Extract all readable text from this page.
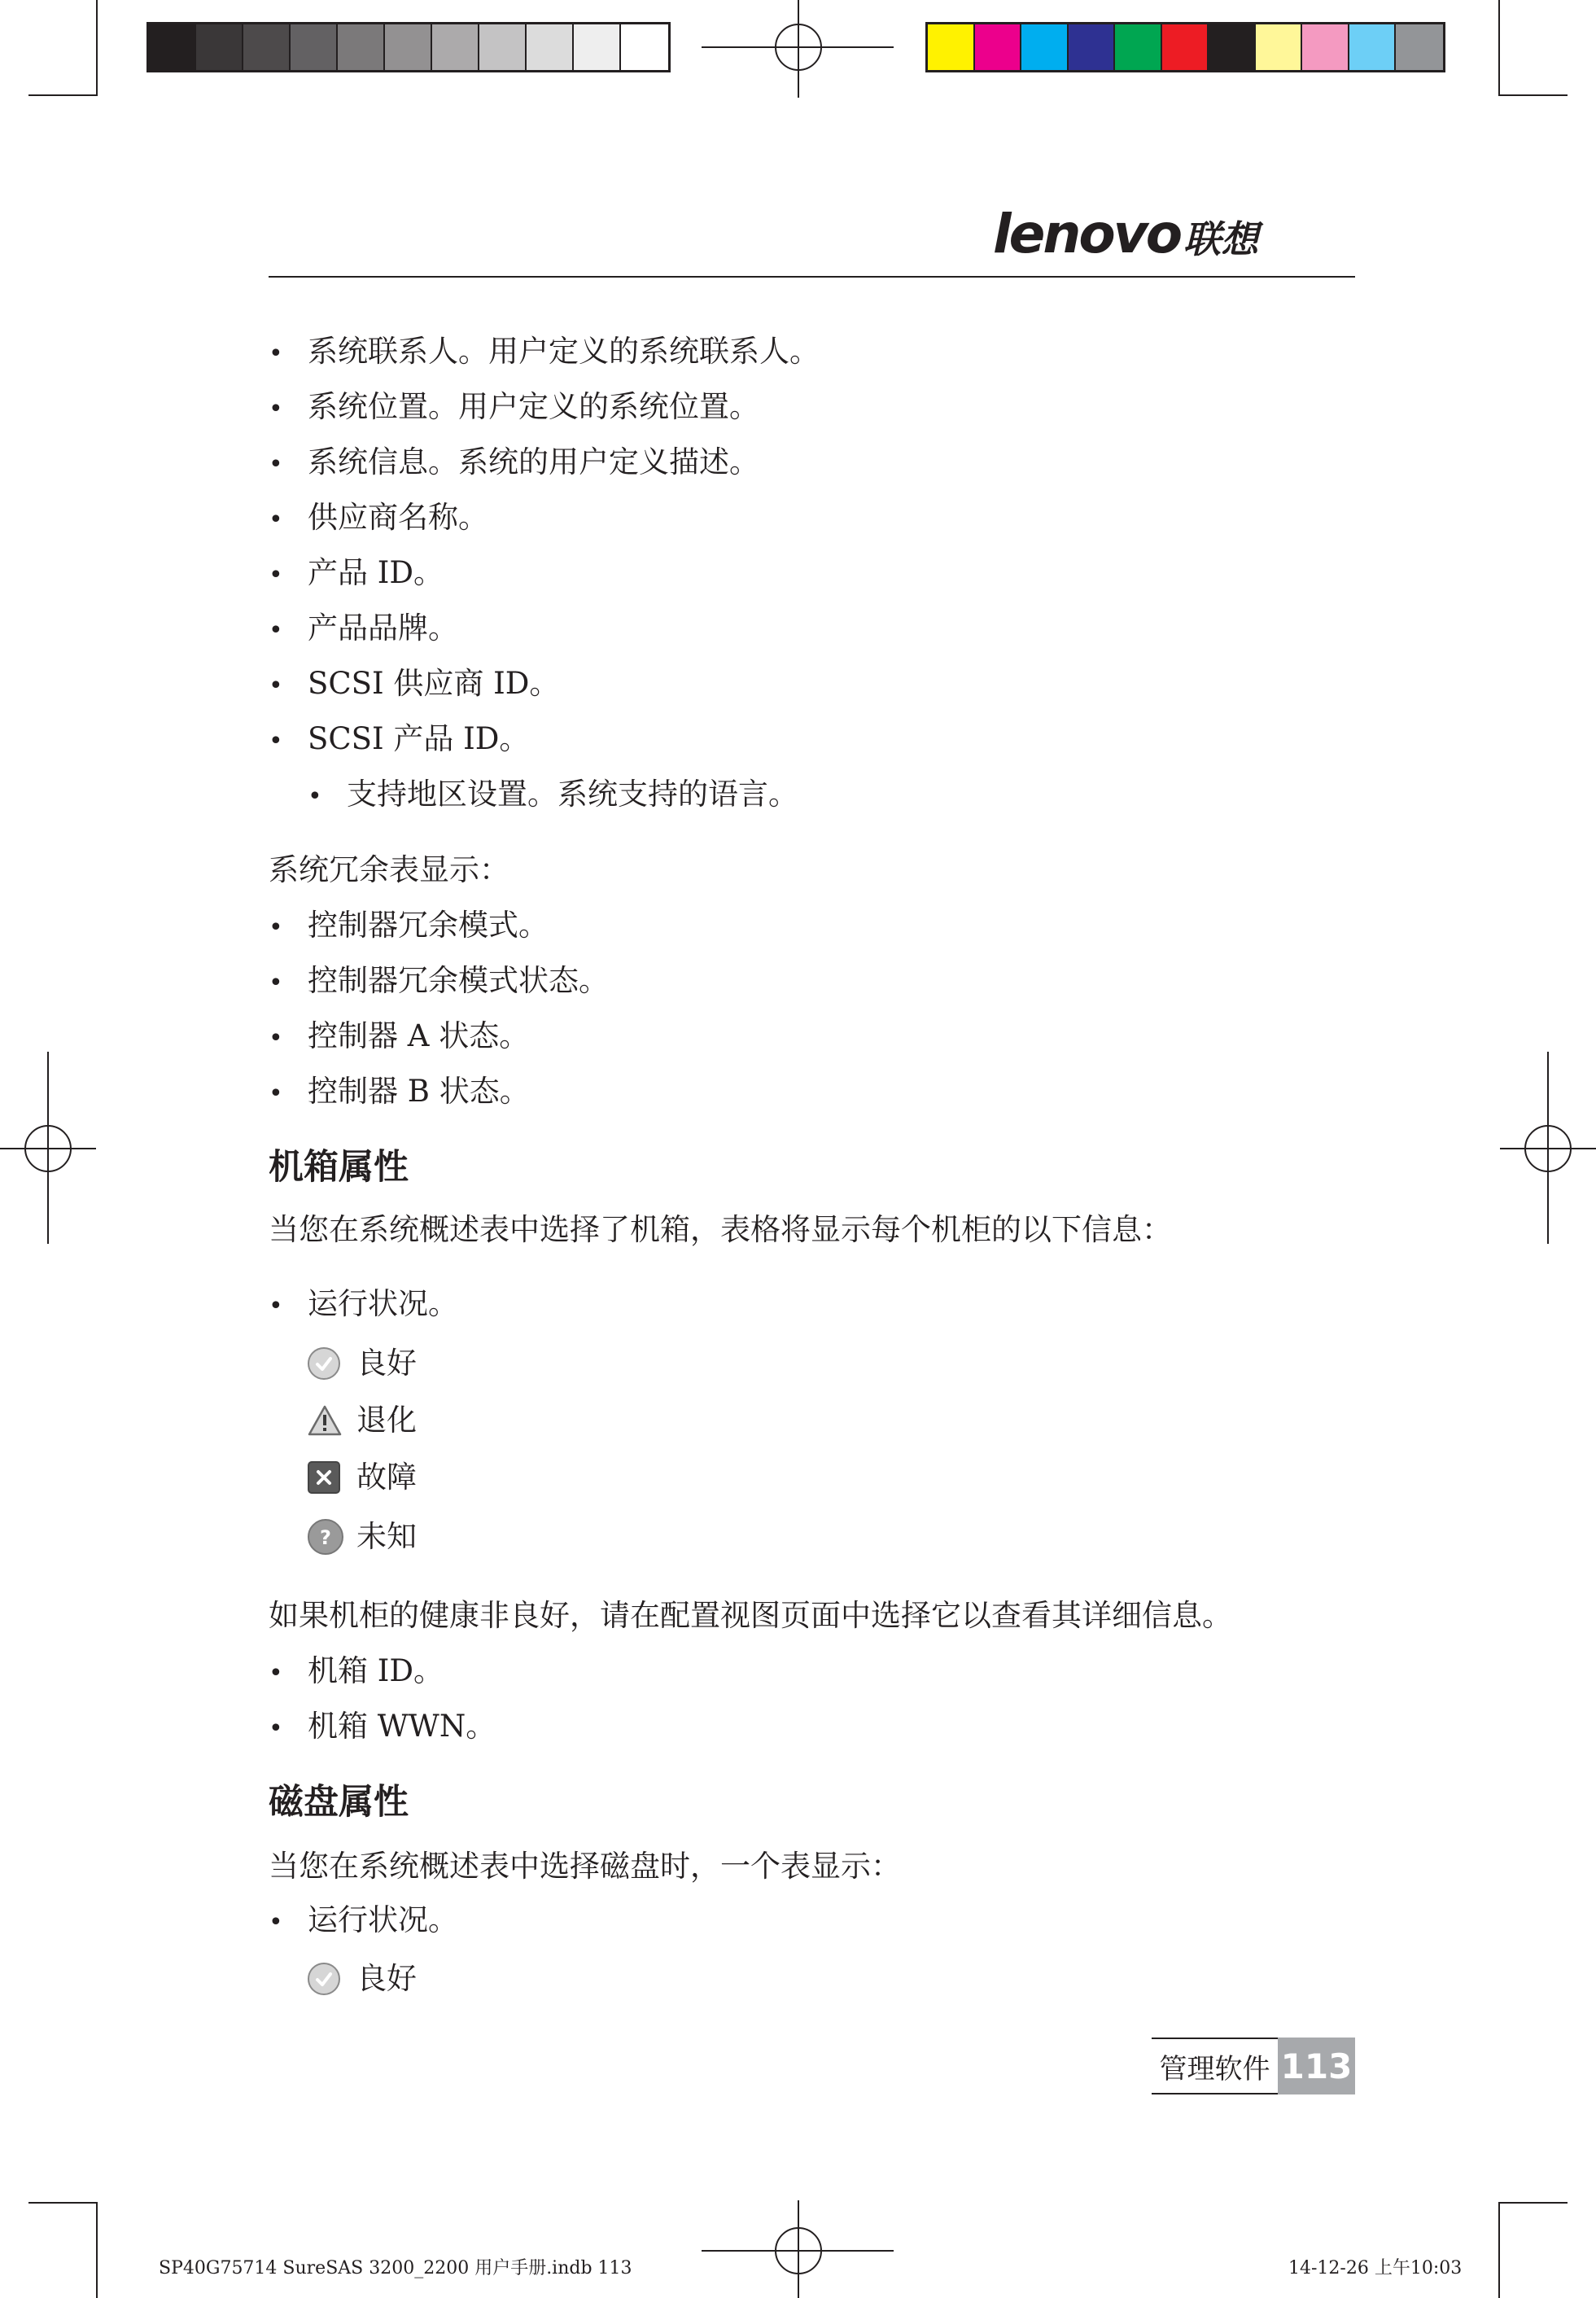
lenovo 联想
• 系统联系人。用户定义的系统联系人。
• 系统位置。用户定义的系统位置。
• 系统信息。系统的用户定义描述。
• 供应商名称。
• 产品 ID。
• 产品品牌。
• SCSI 供应商 ID。
• SCSI 产品 ID。
• 支持地区设置。系统支持的语言。
系统冗余表显示：
• 控制器冗余模式。
• 控制器冗余模式状态。
• 控制器 A 状态。
• 控制器 B 状态。
机箱属性
当您在系统概述表中选择了机箱，表格将显示每个机柜的以下信息：
• 运行状况。
良好
退化
故障
? 未知
如果机柜的健康非良好，请在配置视图页面中选择它以查看其详细信息。
• 机箱 ID。
• 机箱 WWN。
磁盘属性
当您在系统概述表中选择磁盘时，一个表显示：
• 运行状况。
良好
管理软件 113
SP40G75714 SureSAS 3200_2200 用户手册.indb 113	14-12-26 上午10:03
